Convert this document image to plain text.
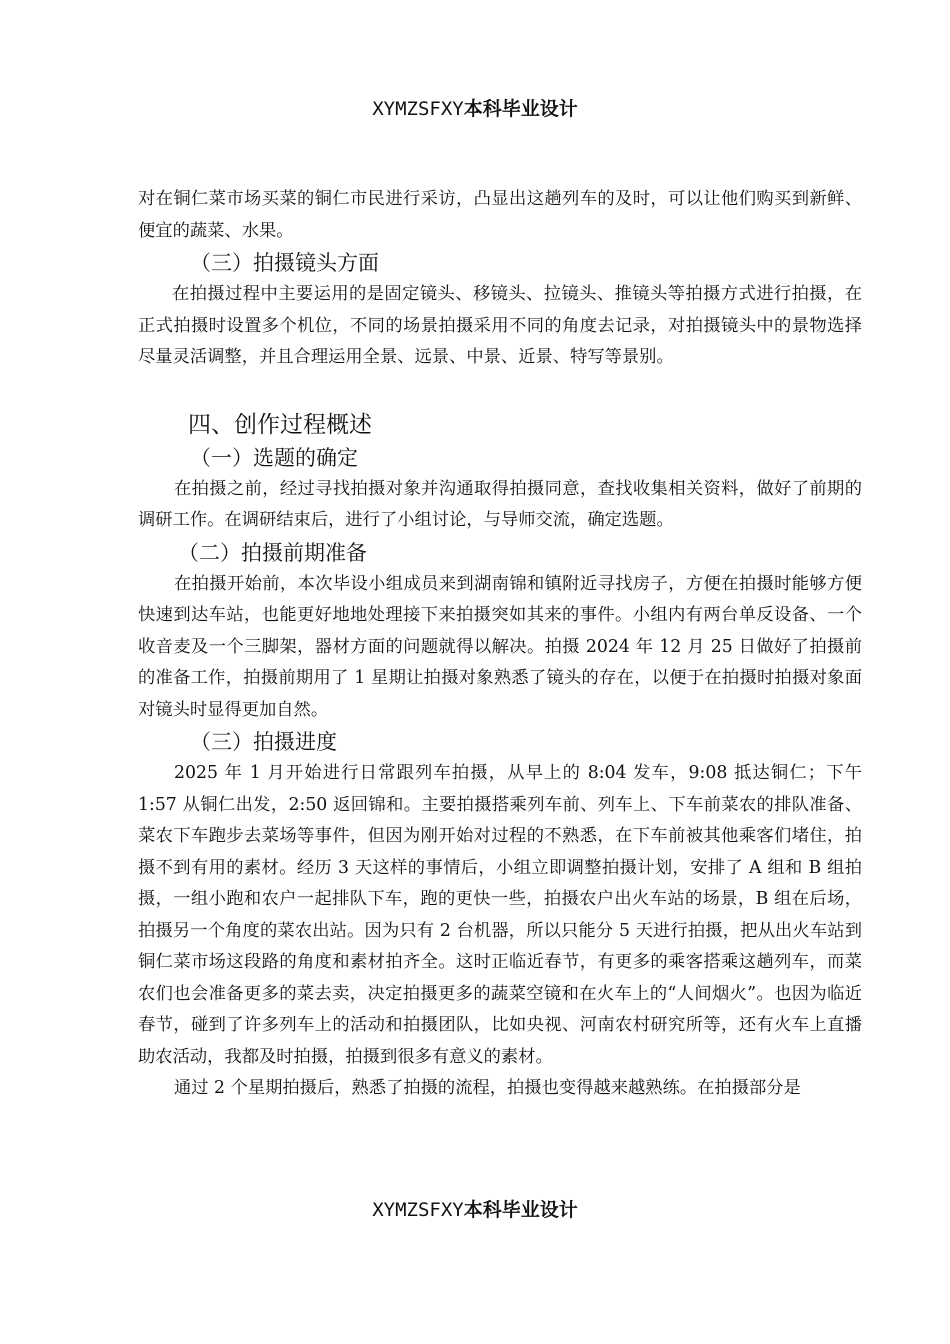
XYMZSFXY本科毕业设计

对在铜仁菜市场买菜的铜仁市民进行采访，凸显出这趟列车的及时，可以让他们购买到新鲜、便宜的蔬菜、水果。

（三）拍摄镜头方面

在拍摄过程中主要运用的是固定镜头、移镜头、拉镜头、推镜头等拍摄方式进行拍摄，在正式拍摄时设置多个机位，不同的场景拍摄采用不同的角度去记录，对拍摄镜头中的景物选择尽量灵活调整，并且合理运用全景、远景、中景、近景、特写等景别。

四、创作过程概述

（一）选题的确定

在拍摄之前，经过寻找拍摄对象并沟通取得拍摄同意，查找收集相关资料，做好了前期的调研工作。在调研结束后，进行了小组讨论，与导师交流，确定选题。

（二）拍摄前期准备

在拍摄开始前，本次毕设小组成员来到湖南锦和镇附近寻找房子，方便在拍摄时能够方便快速到达车站，也能更好地地处理接下来拍摄突如其来的事件。小组内有两台单反设备、一个收音麦及一个三脚架，器材方面的问题就得以解决。拍摄 2024 年 12 月 25 日做好了拍摄前的准备工作，拍摄前期用了 1 星期让拍摄对象熟悉了镜头的存在，以便于在拍摄时拍摄对象面对镜头时显得更加自然。

（三）拍摄进度

2025 年 1 月开始进行日常跟列车拍摄，从早上的 8:04 发车，9:08 抵达铜仁；下午 1:57 从铜仁出发，2:50 返回锦和。主要拍摄搭乘列车前、列车上、下车前菜农的排队准备、菜农下车跑步去菜场等事件，但因为刚开始对过程的不熟悉，在下车前被其他乘客们堵住，拍摄不到有用的素材。经历 3 天这样的事情后，小组立即调整拍摄计划，安排了 A 组和 B 组拍摄，一组小跑和农户一起排队下车，跑的更快一些，拍摄农户出火车站的场景，B 组在后场，拍摄另一个角度的菜农出站。因为只有 2 台机器，所以只能分 5 天进行拍摄，把从出火车站到铜仁菜市场这段路的角度和素材拍齐全。这时正临近春节，有更多的乘客搭乘这趟列车，而菜农们也会准备更多的菜去卖，决定拍摄更多的蔬菜空镜和在火车上的“人间烟火”。也因为临近春节，碰到了许多列车上的活动和拍摄团队，比如央视、河南农村研究所等，还有火车上直播助农活动，我都及时拍摄，拍摄到很多有意义的素材。

通过 2 个星期拍摄后，熟悉了拍摄的流程，拍摄也变得越来越熟练。在拍摄部分是

XYMZSFXY本科毕业设计
